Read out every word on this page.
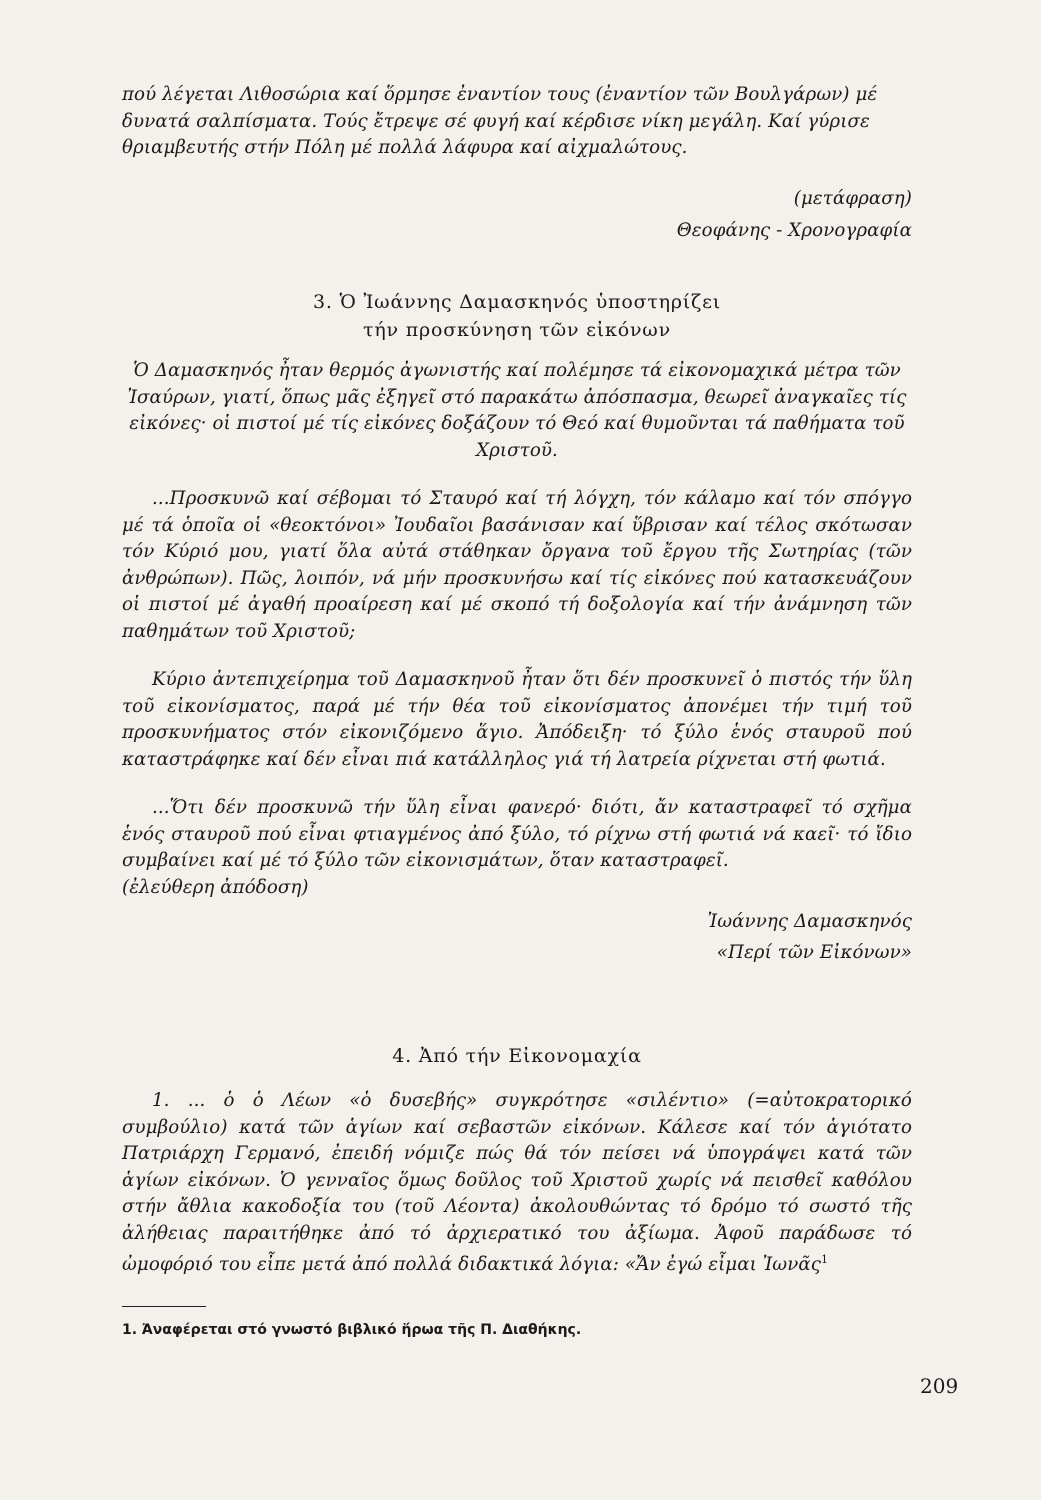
πού λέγεται Λιθοσώρια καί ὅρμησε ἐναντίον τους (ἐναντίον τῶν Βουλγάρων) μέ

δυνατά σαλπίσματα. Τούς ἔτρεψε σέ φυγή καί κέρδισε νίκη μεγάλη. Καί γύρισε

θριαμβευτής στήν Πόλη μέ πολλά λάφυρα καί αἰχμαλώτους.

(μετάφραση)

Θεοφάνης - Χρονογραφία

3. Ὁ Ἰωάννης Δαμασκηνός ὑποστηρίζει

τήν προσκύνηση τῶν εἰκόνων

Ὁ Δαμασκηνός ἦταν θερμός ἀγωνιστής καί πολέμησε τά εἰκονομαχικά μέτρα τῶν Ἰσαύρων, γιατί, ὅπως μᾶς ἐξηγεῖ στό παρακάτω ἀπόσπασμα, θεωρεῖ ἀναγκαῖες τίς εἰκόνες· οἱ πιστοί μέ τίς εἰκόνες δοξάζουν τό Θεό καί θυμοῦνται τά παθήματα τοῦ Χριστοῦ.

...Προσκυνῶ καί σέβομαι τό Σταυρό καί τή λόγχη, τόν κάλαμο καί τόν σπόγγο μέ τά ὁποῖα οἱ «θεοκτόνοι» Ἰουδαῖοι βασάνισαν καί ὕβρισαν καί τέλος σκότωσαν τόν Κύριό μου, γιατί ὅλα αὐτά στάθηκαν ὄργανα τοῦ ἔργου τῆς Σωτηρίας (τῶν ἀνθρώπων). Πῶς, λοιπόν, νά μήν προσκυνήσω καί τίς εἰκόνες πού κατασκευάζουν οἱ πιστοί μέ ἀγαθή προαίρεση καί μέ σκοπό τή δοξολογία καί τήν ἀνάμνηση τῶν παθημάτων τοῦ Χριστοῦ;

Κύριο ἀντεπιχείρημα τοῦ Δαμασκηνοῦ ἦταν ὅτι δέν προσκυνεῖ ὁ πιστός τήν ὕλη τοῦ εἰκονίσματος, παρά μέ τήν θέα τοῦ εἰκονίσματος ἀπονέμει τήν τιμή τοῦ προσκυνήματος στόν εἰκονιζόμενο ἅγιο. Ἀπόδειξη· τό ξύλο ἑνός σταυροῦ πού καταστράφηκε καί δέν εἶναι πιά κατάλληλος γιά τή λατρεία ρίχνεται στή φωτιά.

...Ὅτι δέν προσκυνῶ τήν ὕλη εἶναι φανερό· διότι, ἄν καταστραφεῖ τό σχῆμα ἑνός σταυροῦ πού εἶναι φτιαγμένος ἀπό ξύλο, τό ρίχνω στή φωτιά νά καεῖ· τό ἴδιο συμβαίνει καί μέ τό ξύλο τῶν εἰκονισμάτων, ὅταν καταστραφεῖ.

(ἐλεύθερη ἀπόδοση)

Ἰωάννης Δαμασκηνός

«Περί τῶν Εἰκόνων»

4. Ἀπό τήν Εἰκονομαχία

1. ... ὁ ὁ Λέων «ὁ δυσεβής» συγκρότησε «σιλέντιο» (=αὐτοκρατορικό συμβούλιο) κατά τῶν ἁγίων καί σεβαστῶν εἰκόνων. Κάλεσε καί τόν ἁγιότατο Πατριάρχη Γερμανό, ἐπειδή νόμιζε πώς θά τόν πείσει νά ὑπογράψει κατά τῶν ἁγίων εἰκόνων. Ὁ γενναῖος ὅμως δοῦλος τοῦ Χριστοῦ χωρίς νά πεισθεῖ καθόλου στήν ἄθλια κακοδοξία του (τοῦ Λέοντα) ἀκολουθώντας τό δρόμο τό σωστό τῆς ἀλήθειας παραιτήθηκε ἀπό τό ἀρχιερατικό του ἀξίωμα. Ἀφοῦ παράδωσε τό ὠμοφόριό του εἶπε μετά ἀπό πολλά διδακτικά λόγια: «Ἄν ἐγώ εἶμαι Ἰωνᾶς$^1$

1. Ἀναφέρεται στό γνωστό βιβλικό ἥρωα τῆς Π. Διαθήκης.

209
